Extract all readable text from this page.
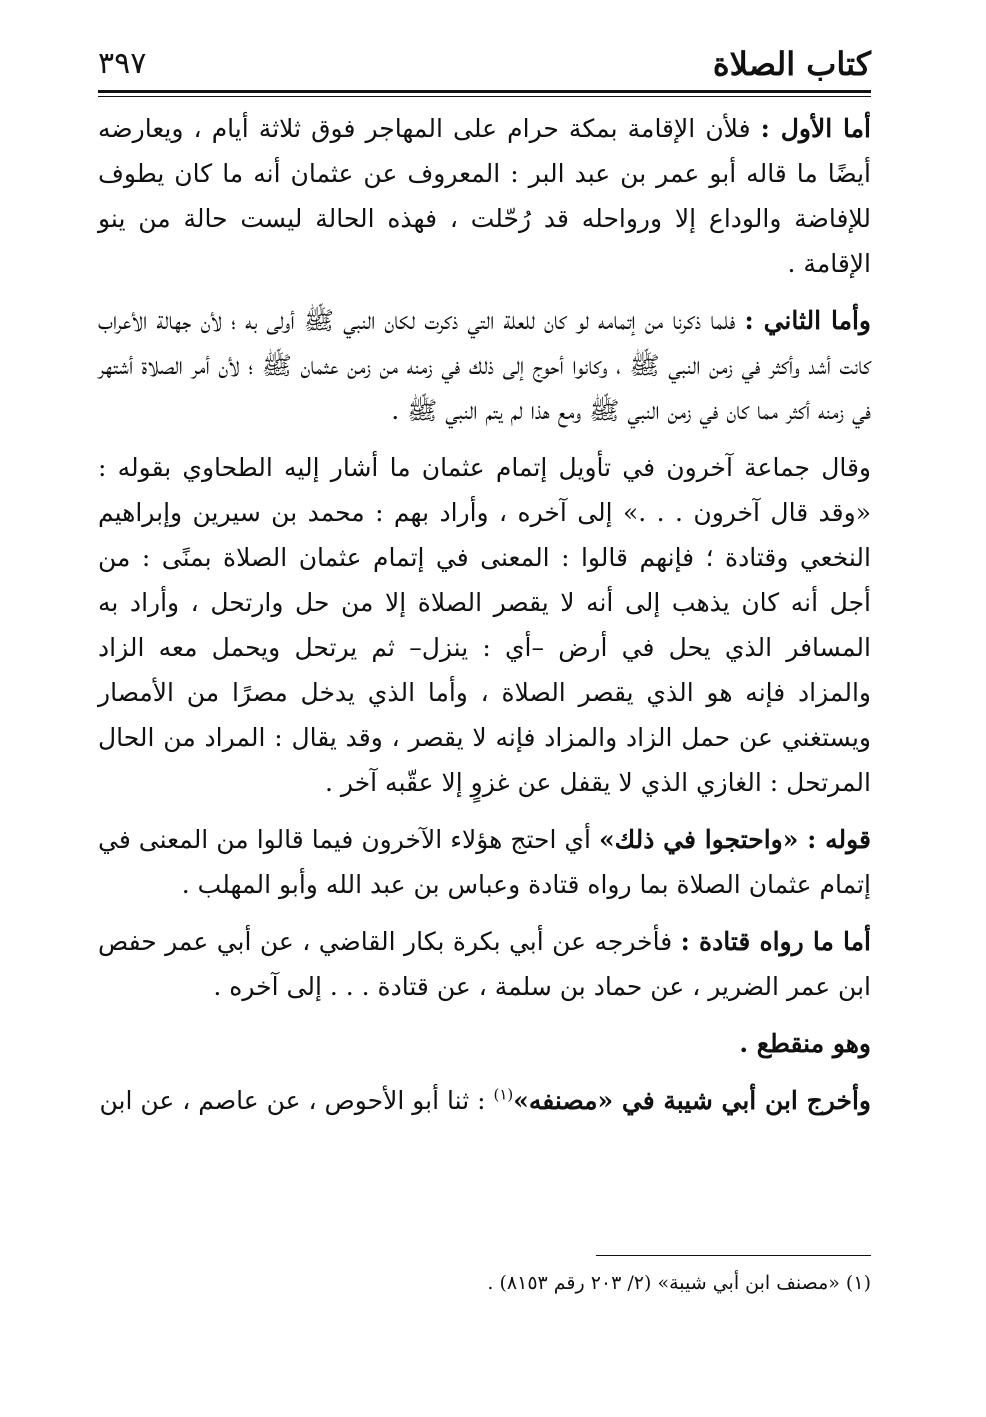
كتاب الصلاة
٣٩٧

أما الأول : فلأن الإقامة بمكة حرام على المهاجر فوق ثلاثة أيام ، ويعارضه أيضًا ما قاله أبو عمر بن عبد البر : المعروف عن عثمان أنه ما كان يطوف للإفاضة والوداع إلا ورواحله قد رُحّلت ، فهذه الحالة ليست حالة من ينو الإقامة .

وأما الثاني : فلما ذكرنا من إتمامه لو كان للعلة التي ذكرت لكان النبي ﷺ أولى به ؛ لأن جهالة الأعراب كانت أشد وأكثر في زمن النبي ﷺ ، وكانوا أحوج إلى ذلك في زمنه من زمن عثمان ﷺ ؛ لأن أمر الصلاة أشتهر في زمنه أكثر مما كان في زمن النبي ﷺ ومع هذا لم يتم النبي ﷺ .

وقال جماعة آخرون في تأويل إتمام عثمان ما أشار إليه الطحاوي بقوله : «وقد قال آخرون . . .» إلى آخره ، وأراد بهم : محمد بن سيرين وإبراهيم النخعي وقتادة ؛ فإنهم قالوا : المعنى في إتمام عثمان الصلاة بمنًى : من أجل أنه كان يذهب إلى أنه لا يقصر الصلاة إلا من حل وارتحل ، وأراد به المسافر الذي يحل في أرض –أي : ينزل– ثم يرتحل ويحمل معه الزاد والمزاد فإنه هو الذي يقصر الصلاة ، وأما الذي يدخل مصرًا من الأمصار ويستغني عن حمل الزاد والمزاد فإنه لا يقصر ، وقد يقال : المراد من الحال المرتحل : الغازي الذي لا يقفل عن غزوٍ إلا عقّبه آخر .

قوله : «واحتجوا في ذلك» أي احتج هؤلاء الآخرون فيما قالوا من المعنى في إتمام عثمان الصلاة بما رواه قتادة وعباس بن عبد الله وأبو المهلب .

أما ما رواه قتادة : فأخرجه عن أبي بكرة بكار القاضي ، عن أبي عمر حفص ابن عمر الضرير ، عن حماد بن سلمة ، عن قتادة . . . إلى آخره .

وهو منقطع .

وأخرج ابن أبي شيبة في «مصنفه»$^{(١)}$ : ثنا أبو الأحوص ، عن عاصم ، عن ابن

(١) «مصنف ابن أبي شيبة» (٢/ ٢٠٣ رقم ٨١٥٣) .
